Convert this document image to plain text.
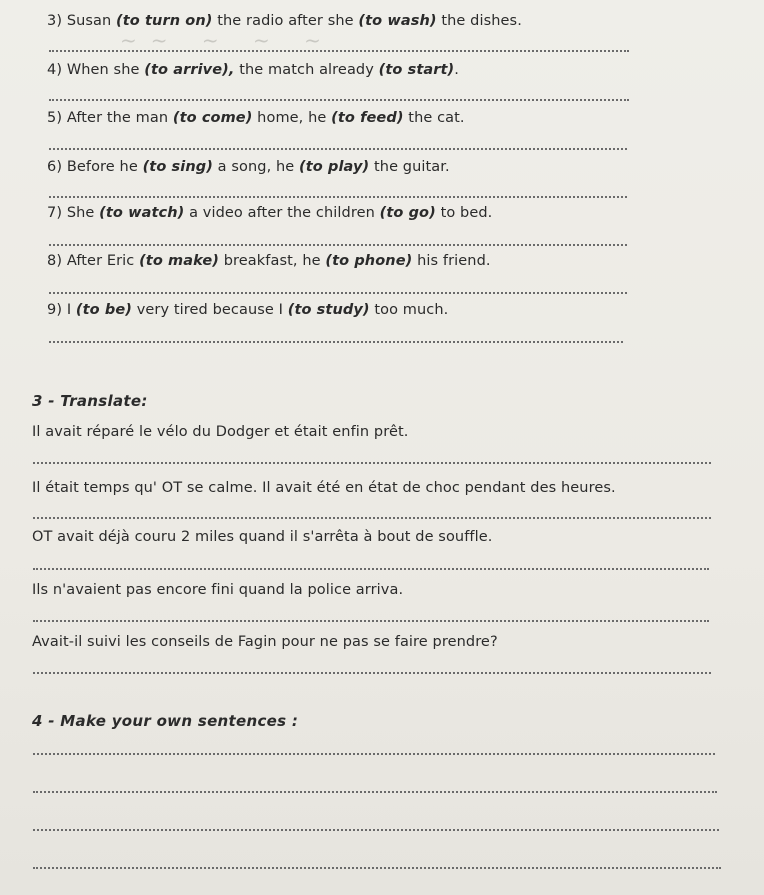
3) Susan (to turn on) the radio after she (to wash) the dishes.

~~ ~ ~ ~

4) When she (to arrive), the match already (to start).

5) After the man (to come) home, he (to feed) the cat.

6) Before he (to sing) a song, he (to play) the guitar.

7) She (to watch) a video after the children (to go) to bed.

8) After Eric (to make) breakfast, he (to phone) his friend.

9) I (to be) very tired because I (to study) too much.

3 - Translate:

Il avait réparé le vélo du Dodger et était enfin prêt.

Il était temps qu' OT se calme. Il avait été en état de choc pendant des heures.

OT avait déjà couru 2 miles quand il s'arrêta à bout de souffle.

Ils n'avaient pas encore fini quand la police arriva.

Avait-il suivi les conseils de Fagin pour ne pas se faire prendre?

4 - Make your own sentences :
